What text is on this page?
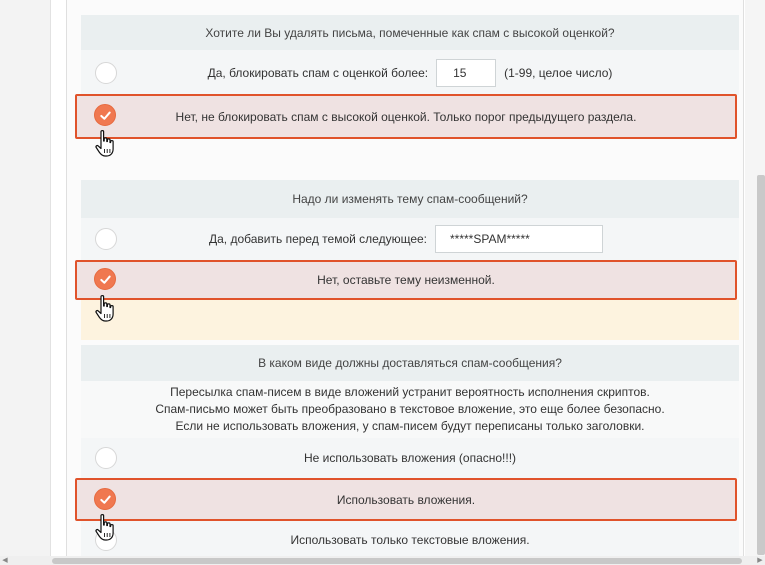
Хотите ли Вы удалять письма, помеченные как спам с высокой оценкой?
Да, блокировать спам с оценкой более:	15	(1-99, целое число)
Нет, не блокировать спам с высокой оценкой. Только порог предыдущего раздела.
Надо ли изменять тему спам-сообщений?
Да, добавить перед темой следующее:	*****SPAM*****
Нет, оставьте тему неизменной.
В каком виде должны доставляться спам-сообщения?
Пересылка спам-писем в виде вложений устранит вероятность исполнения скриптов.
Спам-письмо может быть преобразовано в текстовое вложение, это еще более безопасно.
Если не использовать вложения, у спам-писем будут переписаны только заголовки.
Не использовать вложения (опасно!!!)
Использовать вложения.
Использовать только текстовые вложения.
◀	▶
